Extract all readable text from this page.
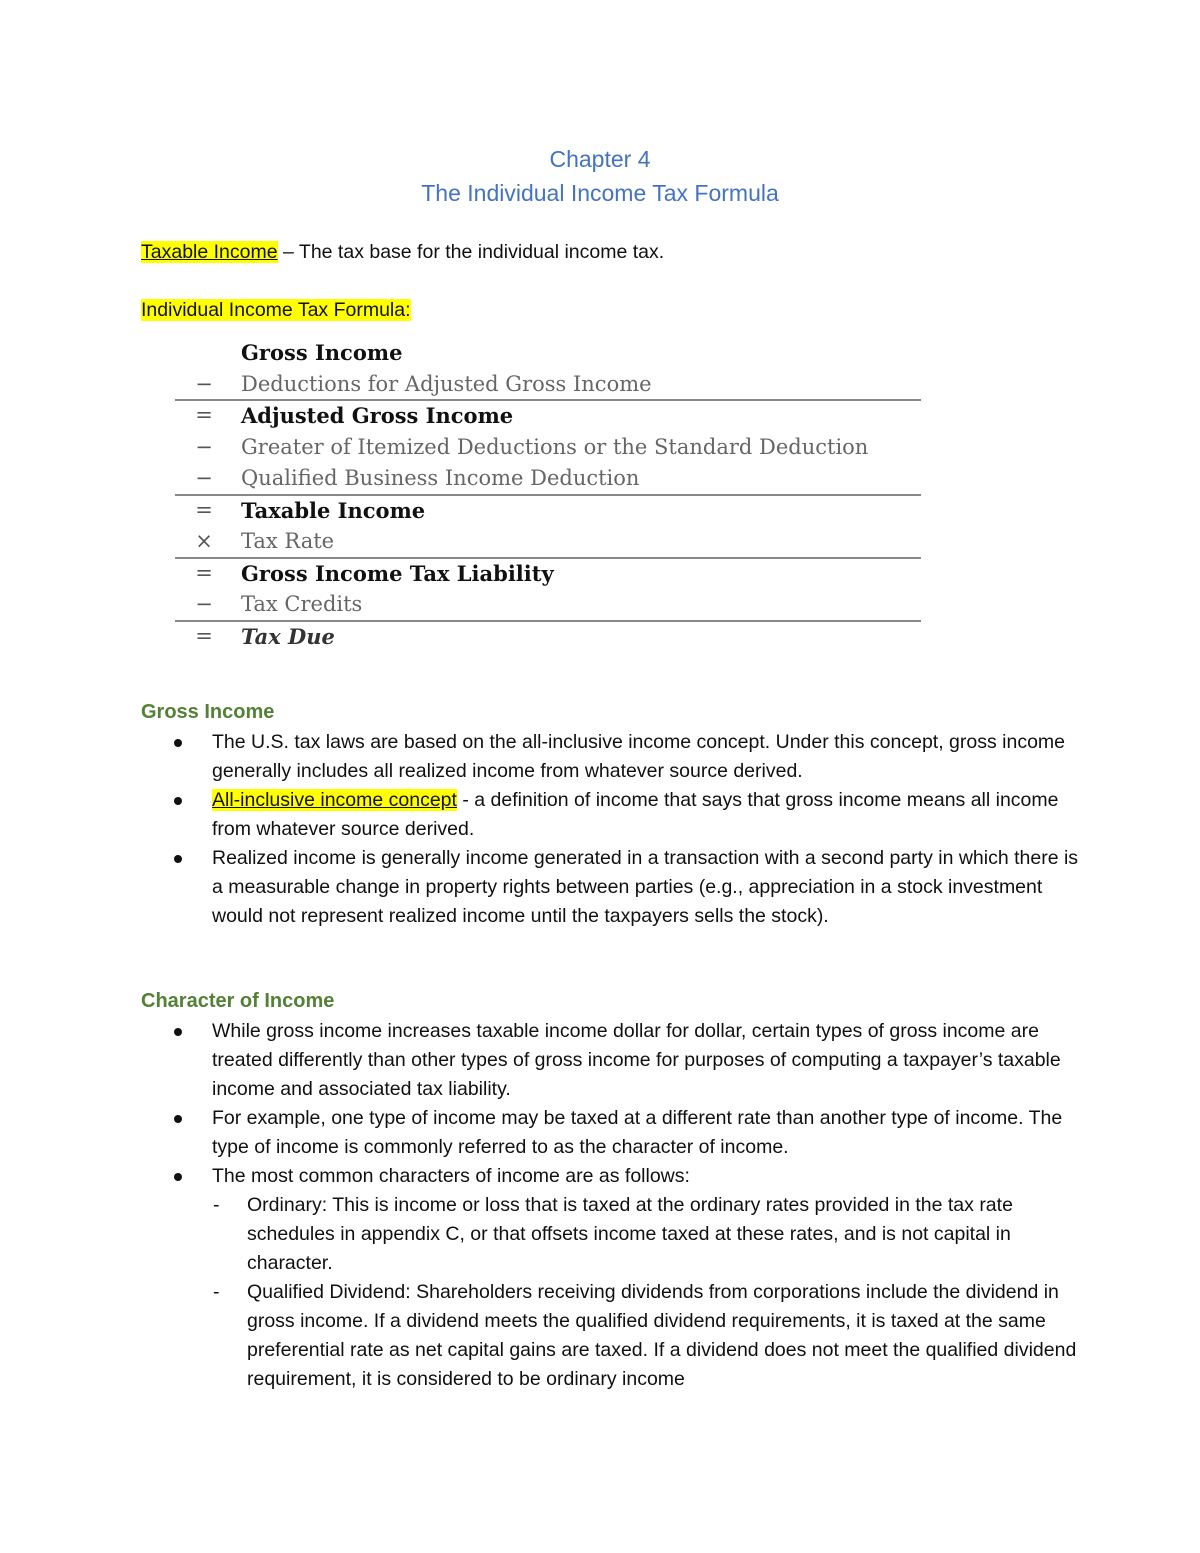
Chapter 4
The Individual Income Tax Formula
Taxable Income – The tax base for the individual income tax.
Individual Income Tax Formula:
Gross Income
−	Deductions for Adjusted Gross Income
=	Adjusted Gross Income
−	Greater of Itemized Deductions or the Standard Deduction
−	Qualified Business Income Deduction
=	Taxable Income
×	Tax Rate
=	Gross Income Tax Liability
−	Tax Credits
=	Tax Due
Gross Income
The U.S. tax laws are based on the all-inclusive income concept. Under this concept, gross income generally includes all realized income from whatever source derived.
All-inclusive income concept - a definition of income that says that gross income means all income from whatever source derived.
Realized income is generally income generated in a transaction with a second party in which there is a measurable change in property rights between parties (e.g., appreciation in a stock investment would not represent realized income until the taxpayers sells the stock).
Character of Income
While gross income increases taxable income dollar for dollar, certain types of gross income are treated differently than other types of gross income for purposes of computing a taxpayer’s taxable income and associated tax liability.
For example, one type of income may be taxed at a different rate than another type of income. The type of income is commonly referred to as the character of income.
The most common characters of income are as follows:
- Ordinary: This is income or loss that is taxed at the ordinary rates provided in the tax rate schedules in appendix C, or that offsets income taxed at these rates, and is not capital in character.
- Qualified Dividend: Shareholders receiving dividends from corporations include the dividend in gross income. If a dividend meets the qualified dividend requirements, it is taxed at the same preferential rate as net capital gains are taxed. If a dividend does not meet the qualified dividend requirement, it is considered to be ordinary income
